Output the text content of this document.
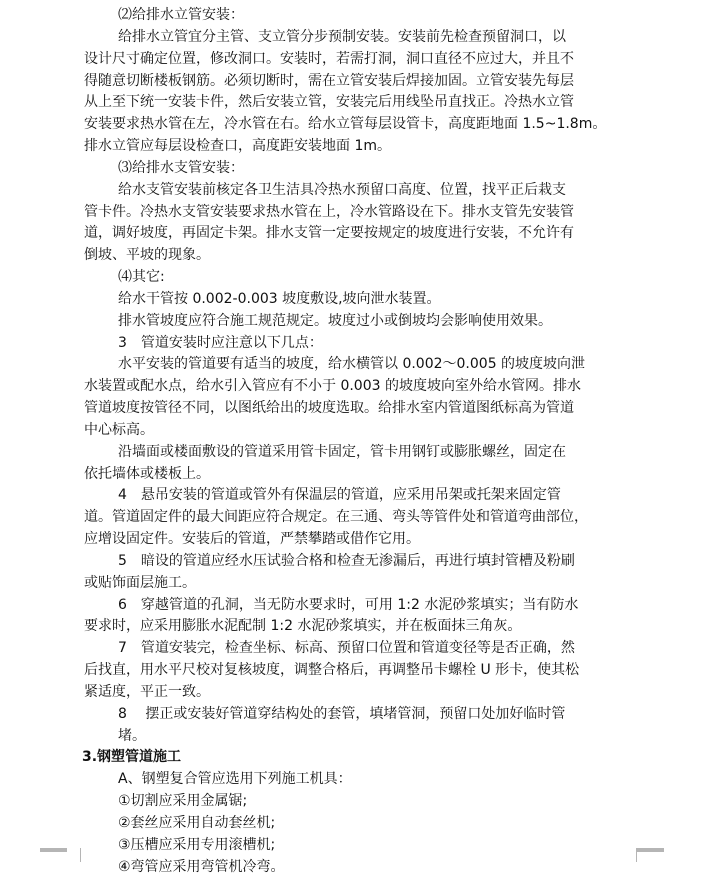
⑵给排水立管安装：
给排水立管宜分主管、支立管分步预制安装。安装前先检查预留洞口，以
设计尺寸确定位置，修改洞口。安装时，若需打洞，洞口直径不应过大，并且不
得随意切断楼板钢筋。必须切断时，需在立管安装后焊接加固。立管安装先每层
从上至下统一安装卡件，然后安装立管，安装完后用线坠吊直找正。冷热水立管
安装要求热水管在左，冷水管在右。给水立管每层设管卡，高度距地面 1.5~1.8m。
排水立管应每层设检查口，高度距安装地面 1m。
⑶给排水支管安装：
给水支管安装前核定各卫生洁具冷热水预留口高度、位置，找平正后栽支
管卡件。冷热水支管安装要求热水管在上，冷水管路设在下。排水支管先安装管
道，调好坡度，再固定卡架。排水支管一定要按规定的坡度进行安装，不允许有
倒坡、平坡的现象。
⑷其它:
给水干管按 0.002-0.003 坡度敷设,坡向泄水装置。
排水管坡度应符合施工规范规定。坡度过小或倒坡均会影响使用效果。
3　管道安装时应注意以下几点：
水平安装的管道要有适当的坡度，给水横管以 0.002～0.005 的坡度坡向泄
水装置或配水点，给水引入管应有不小于 0.003 的坡度坡向室外给水管网。排水
管道坡度按管径不同，以图纸给出的坡度选取。给排水室内管道图纸标高为管道
中心标高。
沿墙面或楼面敷设的管道采用管卡固定，管卡用钢钉或膨胀螺丝，固定在
依托墙体或楼板上。
4　悬吊安装的管道或管外有保温层的管道，应采用吊架或托架来固定管
道。管道固定件的最大间距应符合规定。在三通、弯头等管件处和管道弯曲部位，
应增设固定件。安装后的管道，严禁攀踏或借作它用。
5　暗设的管道应经水压试验合格和检查无渗漏后，再进行填封管槽及粉刷
或贴饰面层施工。
6　穿越管道的孔洞，当无防水要求时，可用 1:2 水泥砂浆填实；当有防水
要求时，应采用膨胀水泥配制 1:2 水泥砂浆填实，并在板面抹三角灰。
7　管道安装完，检查坐标、标高、预留口位置和管道变径等是否正确，然
后找直，用水平尺校对复核坡度，调整合格后，再调整吊卡螺栓 U 形卡，使其松
紧适度，平正一致。
8　 摆正或安装好管道穿结构处的套管，填堵管洞，预留口处加好临时管
堵。
3.钢塑管道施工
A、钢塑复合管应选用下列施工机具：
①切割应采用金属锯;
②套丝应采用自动套丝机;
③压槽应采用专用滚槽机;
④弯管应采用弯管机冷弯。
